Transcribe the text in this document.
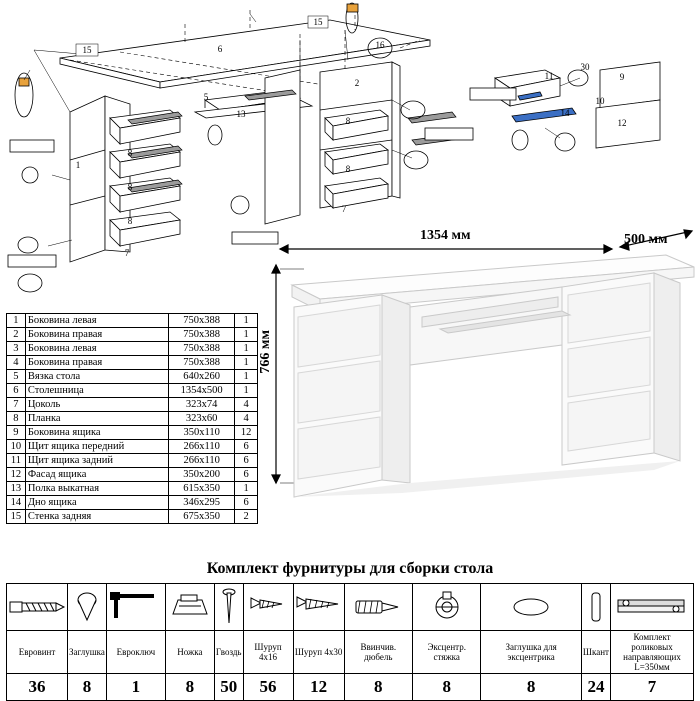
15
15
6
5
13
8
8
8
7
1
2
8
8
7
11	9
10
12
14
30
16
1354 мм	500 мм
766 мм
1	Боковина левая	750x388	1
2	Боковина правая	750x388	1
3	Боковина левая	750x388	1
4	Боковина правая	750x388	1
5	Вязка стола	640x260	1
6	Столешница	1354x500	1
7	Цоколь	323x74	4
8	Планка	323x60	4
9	Боковина ящика	350x110	12
10	Щит ящика передний	266x110	6
11	Щит ящика задний	266x110	6
12	Фасад ящика	350x200	6
13	Полка выкатная	615x350	1
14	Дно ящика	346x295	6
15	Стенка задняя	675x350	2
Комплект фурнитуры для сборки стола

Евровинт	Заглушка	Евроключ	Ножка	Гвоздь	Шуруп 4х16	Шуруп 4х30	Ввинчив. дюбель	Эксцентр. стяжка	Заглушка для эксцентрика	Шкант	Комплект роликовых направляющих L=350мм
36	8	1	8	50	56	12	8	8	8	24	7
